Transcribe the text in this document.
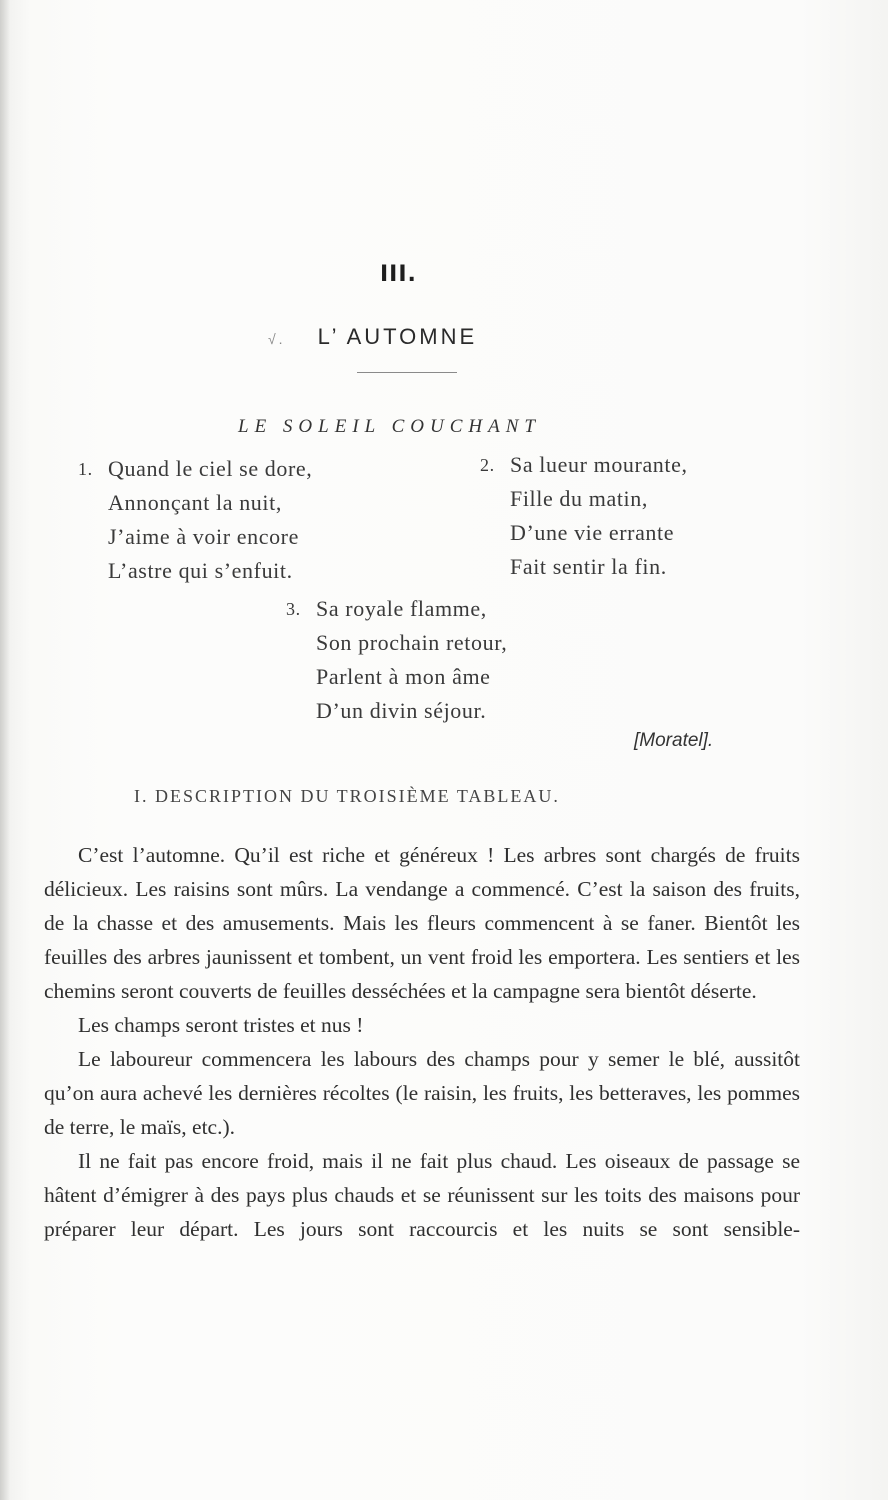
III.
√. L’ AUTOMNE
LE SOLEIL COUCHANT
1. Quand le ciel se dore,
Annonçant la nuit,
J’aime à voir encore
L’astre qui s’enfuit.
2. Sa lueur mourante,
Fille du matin,
D’une vie errante
Fait sentir la fin.
3. Sa royale flamme,
Son prochain retour,
Parlent à mon âme
D’un divin séjour.
[Moratel].
I. DESCRIPTION DU TROISIÈME TABLEAU.

C’est l’automne. Qu’il est riche et généreux ! Les arbres sont chargés de fruits délicieux. Les raisins sont mûrs. La vendange a commencé. C’est la saison des fruits, de la chasse et des amusements. Mais les fleurs commencent à se faner. Bientôt les feuilles des arbres jaunissent et tombent, un vent froid les emportera. Les sentiers et les chemins seront couverts de feuilles desséchées et la campagne sera bientôt déserte.

Les champs seront tristes et nus !

Le laboureur commencera les labours des champs pour y semer le blé, aussitôt qu’on aura achevé les dernières récoltes (le raisin, les fruits, les betteraves, les pommes de terre, le maïs, etc.).

Il ne fait pas encore froid, mais il ne fait plus chaud. Les oiseaux de passage se hâtent d’émigrer à des pays plus chauds et se réunissent sur les toits des maisons pour préparer leur départ. Les jours sont raccourcis et les nuits se sont sensible-
